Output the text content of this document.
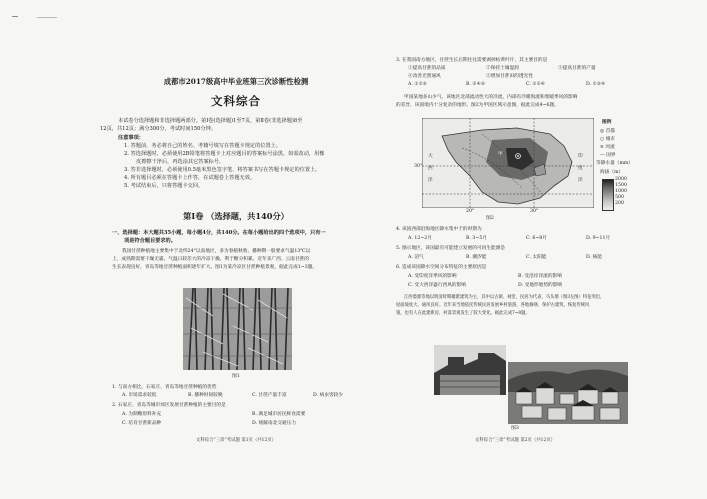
成都市2017级高中毕业班第三次诊断性检测
文科综合
本试卷分选择题和非选择题两部分。第Ⅰ卷(选择题)1至7页，第Ⅱ卷(非选择题)8至
12页，共12页；满分300分，考试时间150分钟。
注意事项：
1. 答题前，务必将自己的姓名、考籍号填写在答题卡规定的位置上。
2. 答选择题时，必须使用2B铅笔将答题卡上对应题目的答案标号涂黑，如需改动，用橡
皮擦擦干净后，再选涂其它答案标号。
3. 答非选择题时，必须使用0.5毫米黑色签字笔，将答案书写在答题卡规定的位置上。
4. 所有题目必须在答题卡上作答，在试题卷上答题无效。
5. 考试结束后，只将答题卡交回。
第Ⅰ卷 （选择题，共140分）
一、选择题：本大题共35小题，每小题4分，共140分。在每小题给出的四个选项中，只有一
项是符合题目要求的。
我国甘蔗种植地主要集中于北纬24°以南地区，多为春植秋收，播种期一般要求气温13℃以
上，成熟期需要干燥无霜。气温日较差大的冷凉干燥，利于糖分积累。近年来广西、云南甘蔗的
生长表现良好，青岛等地甘蔗种植面积逐年扩大。图1为某冷凉区甘蔗种植景观，据此完成1~3题。
图1
1. 与南方相比，石家庄、青岛等地甘蔗种植的优势
A. 市场需求较低	B. 播种时间较晚	C. 甘蔗产量丰富	D. 病虫害较少
2. 石家庄、青岛等城市郊区发展甘蔗种植的主要目的是
A. 为制糖原料补充	B. 满足城市居民鲜食需要
C. 培育甘蔗新品种	D. 缓解南北交通压力
文科综合“三诊”考试题 第1页（共12页）
3. 在我国南方地区，甘蔗生长后期往往需要剥掉枯黄叶片，其主要目的是
①提高甘蔗的品质	②保持土壤湿润	③提高甘蔗的产量
④改善光照通风	⑤增加甘蔗田的透光性
A. ①②⑤	B. ②④⑤	C. ①②④	D. ①③④
甲国某地多山少气，该地区北部流动性大的洋流，内部有冷暖海流和寒暖季风的影响
的差异，该国境内十分复杂的地形。图2为甲国区域示意图，据此完成4~6题。
大
西
洋
印
度
洋
甲
20°	30°
30°
图例
◎ 首都
○ 城市
≋ 河流
— 国界
等降水量（mm）
海拔（m）
2000
1500
1000
500
200
图2
4. 该国西部沿海地区降水集中于的时期为
A. 12~2月	B. 3~5月	C. 6~8月	D. 9~11月
5. 图示地区，该国最有可能建立发展的可再生能源是
A. 沼气	B. 潮汐能	C. 太阳能	D. 核能
6. 造成该国降水空间分布特征的主要原因是
A. 受印度洋季风的影响	B. 受沿岸洋流的影响
C. 受大西洋盛行西风的影响	D. 受地形地势的影响
江西婺源等地以明清时期徽派建筑为主，其中以古镇、祠堂、民居为代表，马头墙（图3左图）特征突出，
屋面坡度大，通风良好。近年来当地依托传统民居发展乡村旅游，各地修缮、保护古建筑，恢复传统风
貌，也有人在此建新房，村落景观发生了较大变化。据此完成7~8题。
图3
文科综合“三诊”考试题 第2页（共12页）
